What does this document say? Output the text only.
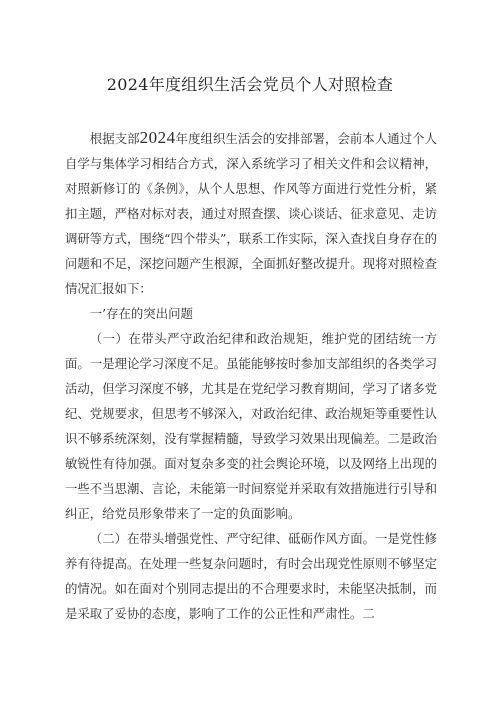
2024年度组织生活会党员个人对照检查

根据支部2024年度组织生活会的安排部署，会前本人通过个人自学与集体学习相结合方式，深入系统学习了相关文件和会议精神，对照新修订的《条例》，从个人思想、作风等方面进行党性分析，紧扣主题，严格对标对表，通过对照查摆、谈心谈话、征求意见、走访调研等方式，围绕“四个带头”，联系工作实际，深入查找自身存在的问题和不足，深挖问题产生根源，全面抓好整改提升。现将对照检查情况汇报如下：

一’存在的突出问题

（一）在带头严守政治纪律和政治规矩，维护党的团结统一方面。一是理论学习深度不足。虽能能够按时参加支部组织的各类学习活动，但学习深度不够，尤其是在党纪学习教育期间，学习了诸多党纪、党规要求，但思考不够深入，对政治纪律、政治规矩等重要性认识不够系统深刻，没有掌握精髓，导致学习效果出现偏差。二是政治敏锐性有待加强。面对复杂多变的社会舆论环境，以及网络上出现的一些不当思潮、言论，未能第一时间察觉并采取有效措施进行引导和纠正，给党员形象带来了一定的负面影响。

（二）在带头增强党性、严守纪律、砥砺作风方面。一是党性修养有待提高。在处理一些复杂问题时，有时会出现党性原则不够坚定的情况。如在面对个别同志提出的不合理要求时，未能坚决抵制，而是采取了妥协的态度，影响了工作的公正性和严肃性。二
